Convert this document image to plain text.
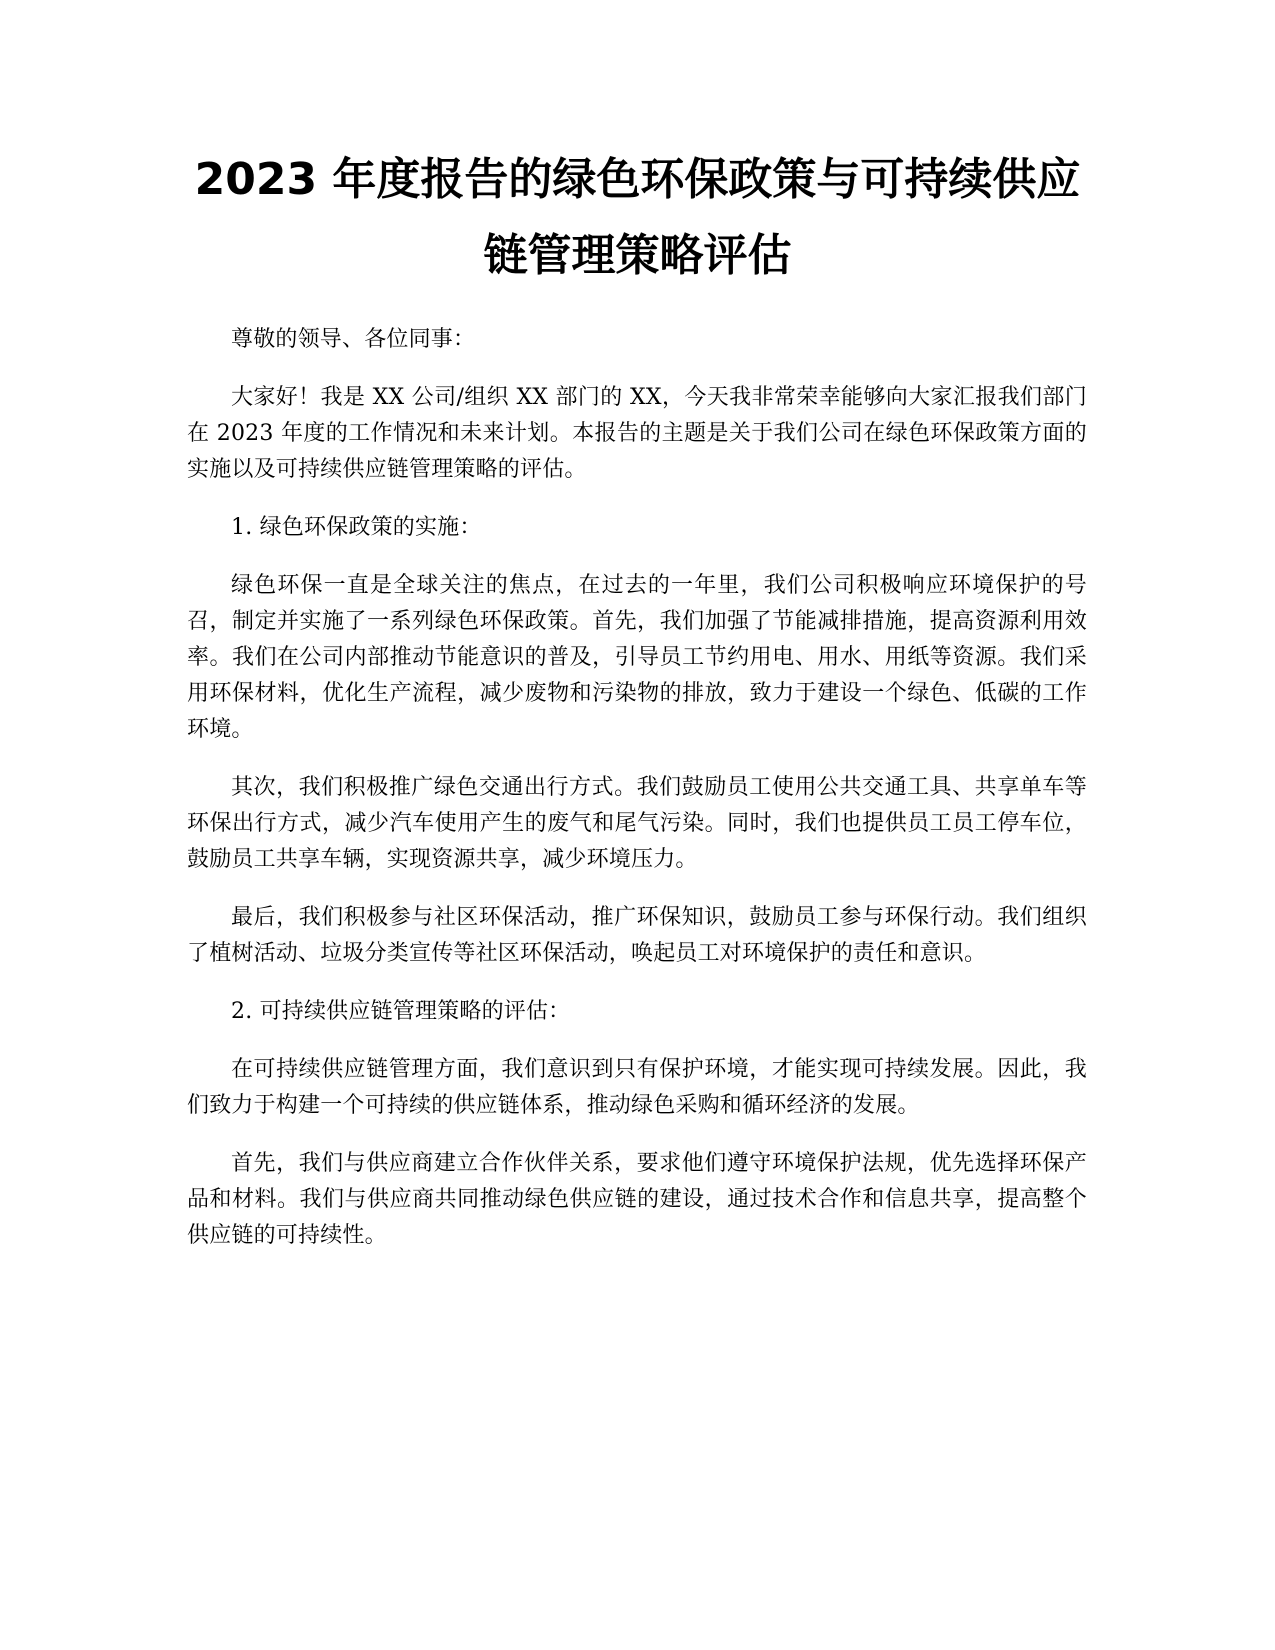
2023 年度报告的绿色环保政策与可持续供应
链管理策略评估

尊敬的领导、各位同事：

大家好！我是 XX 公司/组织 XX 部门的 XX，今天我非常荣幸能够向大家汇报我们部门在 2023 年度的工作情况和未来计划。本报告的主题是关于我们公司在绿色环保政策方面的实施以及可持续供应链管理策略的评估。

1. 绿色环保政策的实施：

绿色环保一直是全球关注的焦点，在过去的一年里，我们公司积极响应环境保护的号召，制定并实施了一系列绿色环保政策。首先，我们加强了节能减排措施，提高资源利用效率。我们在公司内部推动节能意识的普及，引导员工节约用电、用水、用纸等资源。我们采用环保材料，优化生产流程，减少废物和污染物的排放，致力于建设一个绿色、低碳的工作环境。

其次，我们积极推广绿色交通出行方式。我们鼓励员工使用公共交通工具、共享单车等环保出行方式，减少汽车使用产生的废气和尾气污染。同时，我们也提供员工员工停车位，鼓励员工共享车辆，实现资源共享，减少环境压力。

最后，我们积极参与社区环保活动，推广环保知识，鼓励员工参与环保行动。我们组织了植树活动、垃圾分类宣传等社区环保活动，唤起员工对环境保护的责任和意识。

2. 可持续供应链管理策略的评估：

在可持续供应链管理方面，我们意识到只有保护环境，才能实现可持续发展。因此，我们致力于构建一个可持续的供应链体系，推动绿色采购和循环经济的发展。

首先，我们与供应商建立合作伙伴关系，要求他们遵守环境保护法规，优先选择环保产品和材料。我们与供应商共同推动绿色供应链的建设，通过技术合作和信息共享，提高整个供应链的可持续性。
